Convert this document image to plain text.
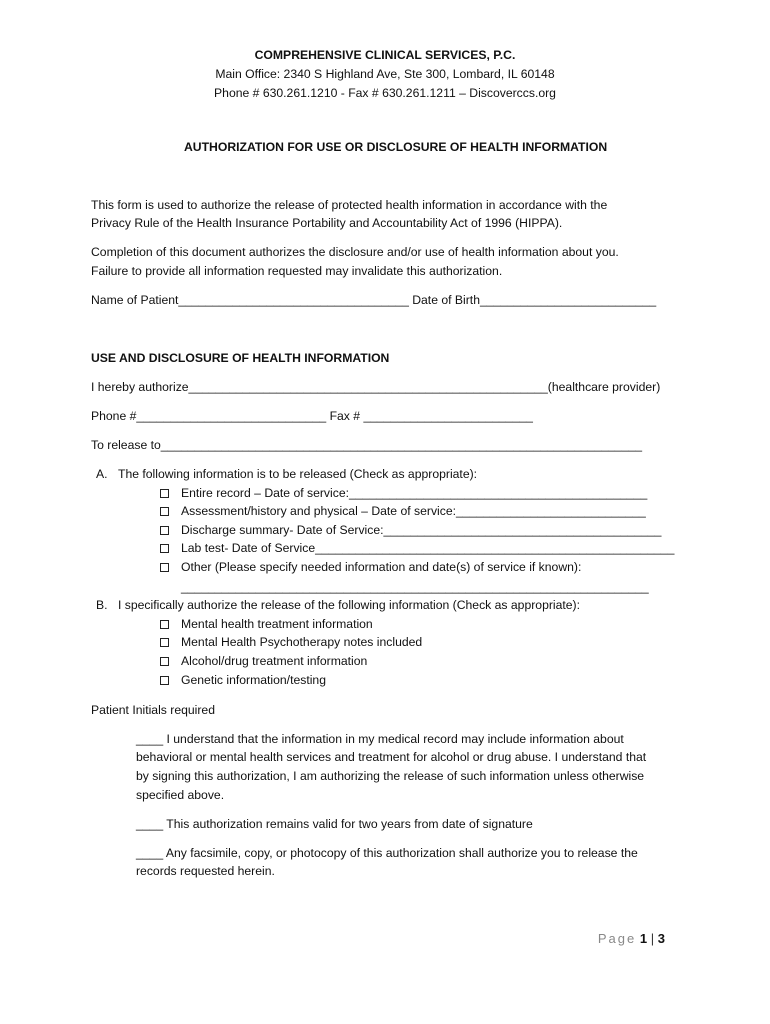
COMPREHENSIVE CLINICAL SERVICES, P.C.
Main Office: 2340 S Highland Ave, Ste 300, Lombard, IL 60148
Phone # 630.261.1210 - Fax # 630.261.1211 – Discoverccs.org
AUTHORIZATION FOR USE OR DISCLOSURE OF HEALTH INFORMATION
This form is used to authorize the release of protected health information in accordance with the
Privacy Rule of the Health Insurance Portability and Accountability Act of 1996 (HIPPA).
Completion of this document authorizes the disclosure and/or use of health information about you.
Failure to provide all information requested may invalidate this authorization.
Name of Patient__________________________________ Date of Birth__________________________
USE AND DISCLOSURE OF HEALTH INFORMATION
I hereby authorize_____________________________________________________(healthcare provider)
Phone #____________________________ Fax # _________________________
To release to_______________________________________________________________________
A. The following information is to be released (Check as appropriate):
Entire record – Date of service:____________________________________________
Assessment/history and physical – Date of service:____________________________
Discharge summary- Date of Service:_________________________________________
Lab test- Date of Service_____________________________________________________
Other (Please specify needed information and date(s) of service if known):
_____________________________________________________________________
B. I specifically authorize the release of the following information (Check as appropriate):
Mental health treatment information
Mental Health Psychotherapy notes included
Alcohol/drug treatment information
Genetic information/testing
Patient Initials required
____ I understand that the information in my medical record may include information about
behavioral or mental health services and treatment for alcohol or drug abuse. I understand that
by signing this authorization, I am authorizing the release of such information unless otherwise
specified above.
____ This authorization remains valid for two years from date of signature
____ Any facsimile, copy, or photocopy of this authorization shall authorize you to release the
records requested herein.
Page 1 | 3
